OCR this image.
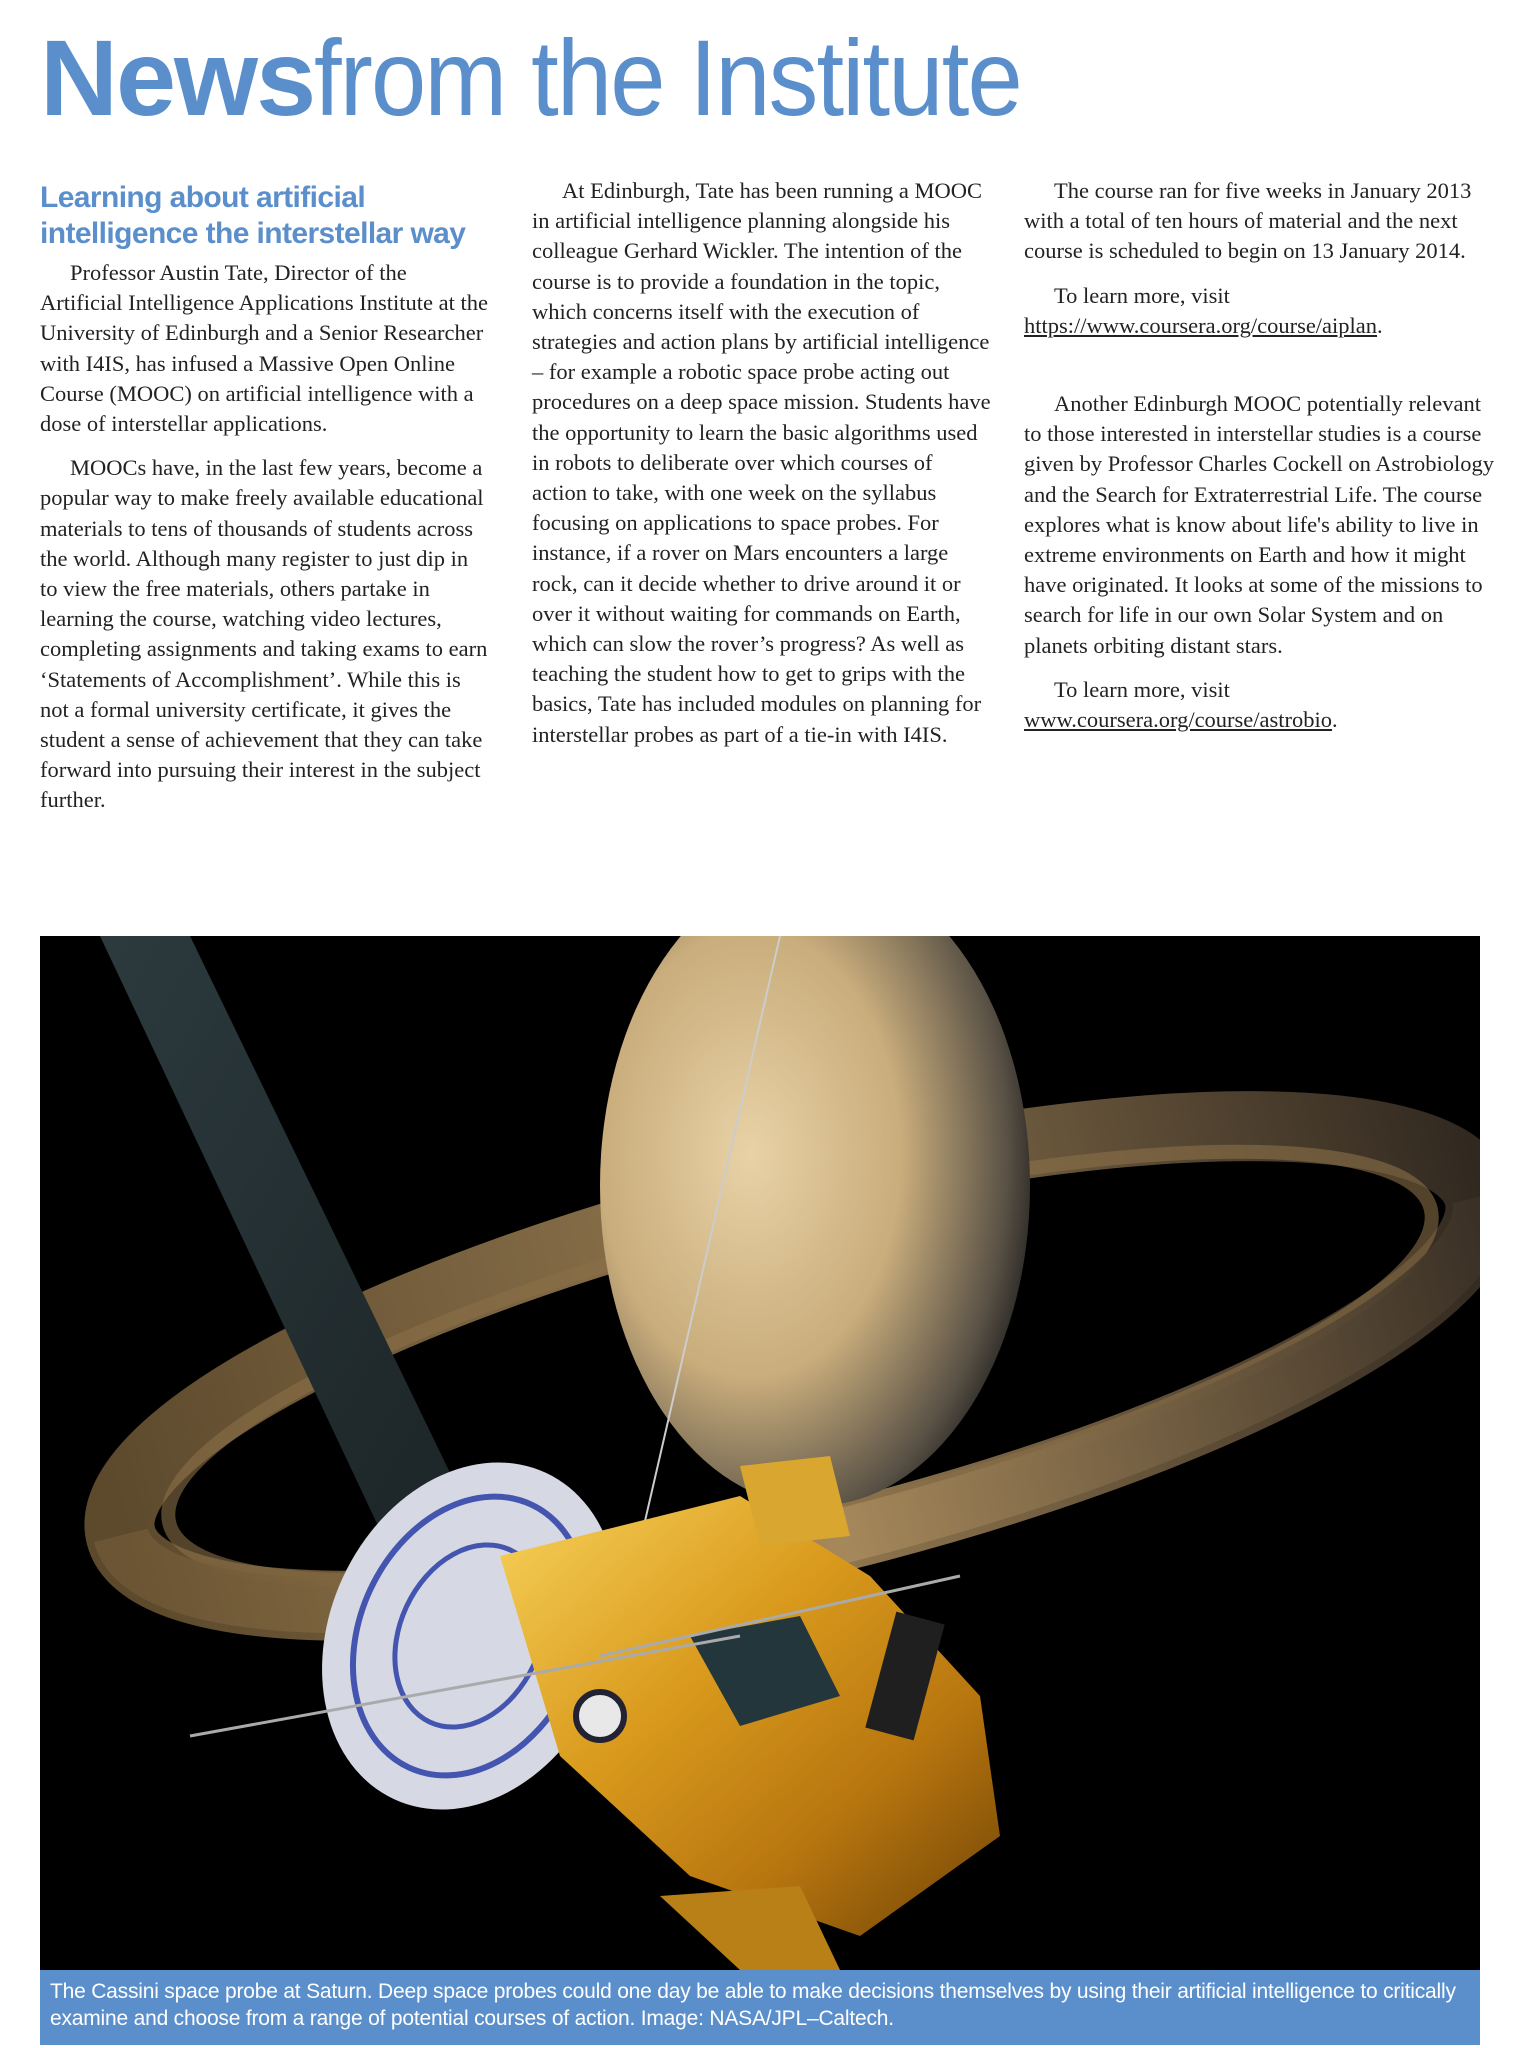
Newsfrom the Institute
Learning about artificial
intelligence the interstellar way

Professor Austin Tate, Director of the Artificial Intelligence Applications Institute at the University of Edinburgh and a Senior Researcher with I4IS, has infused a Massive Open Online Course (MOOC) on artificial intelligence with a dose of interstellar applications.

MOOCs have, in the last few years, become a popular way to make freely available educational materials to tens of thousands of students across the world. Although many register to just dip in to view the free materials, others partake in learning the course, watching video lectures, completing assignments and taking exams to earn ‘Statements of Accomplishment’. While this is not a formal university certificate, it gives the student a sense of achievement that they can take forward into pursuing their interest in the subject further.

At Edinburgh, Tate has been running a MOOC in artificial intelligence planning alongside his colleague Gerhard Wickler. The intention of the course is to provide a foundation in the topic, which concerns itself with the execution of strategies and action plans by artificial intelligence – for example a robotic space probe acting out procedures on a deep space mission. Students have the opportunity to learn the basic algorithms used in robots to deliberate over which courses of action to take, with one week on the syllabus focusing on applications to space probes. For instance, if a rover on Mars encounters a large rock, can it decide whether to drive around it or over it without waiting for commands on Earth, which can slow the rover’s progress? As well as teaching the student how to get to grips with the basics, Tate has included modules on planning for interstellar probes as part of a tie-in with I4IS.

The course ran for five weeks in January 2013 with a total of ten hours of material and the next course is scheduled to begin on 13 January 2014.

To learn more, visit
https://www.coursera.org/course/aiplan.

Another Edinburgh MOOC potentially relevant to those interested in interstellar studies is a course given by Professor Charles Cockell on Astrobiology and the Search for Extraterrestrial Life. The course explores what is know about life's ability to live in extreme environments on Earth and how it might have originated. It looks at some of the missions to search for life in our own Solar System and on planets orbiting distant stars.

To learn more, visit
www.coursera.org/course/astrobio.

The Cassini space probe at Saturn. Deep space probes could one day be able to make decisions themselves by using their artificial intelligence to critically examine and choose from a range of potential courses of action. Image: NASA/JPL–Caltech.
